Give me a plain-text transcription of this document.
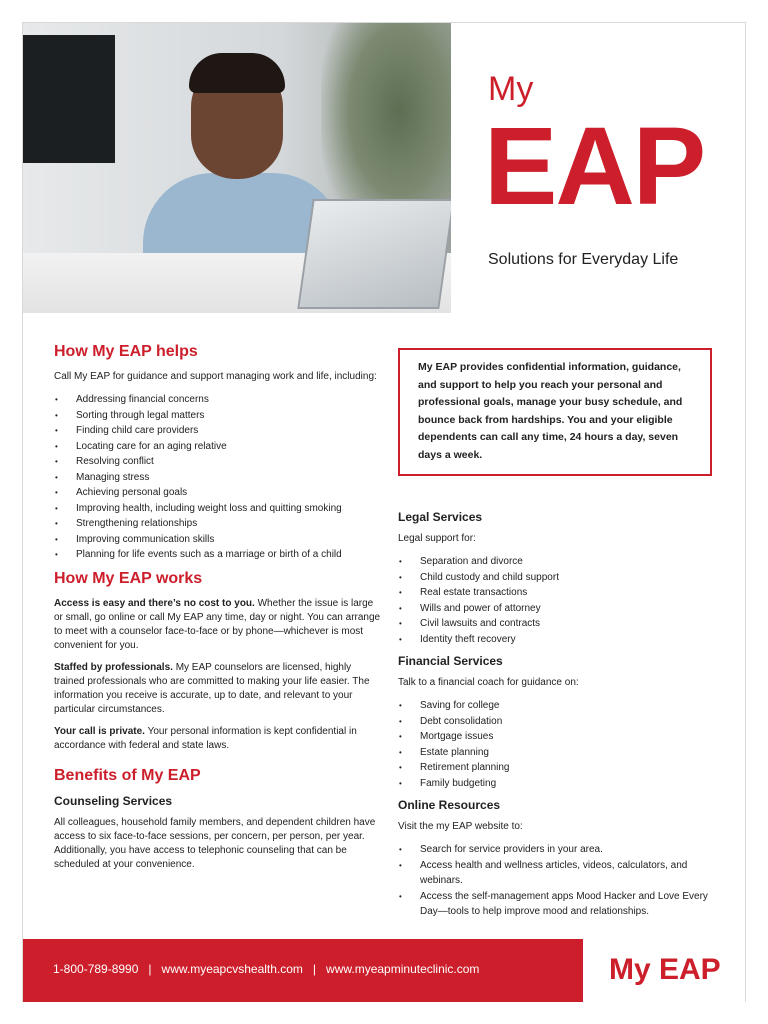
My
EAP
Solutions for Everyday Life
How My EAP helps

Call My EAP for guidance and support managing work and life, including:

• Addressing financial concerns
• Sorting through legal matters
• Finding child care providers
• Locating care for an aging relative
• Resolving conflict
• Managing stress
• Achieving personal goals
• Improving health, including weight loss and quitting smoking
• Strengthening relationships
• Improving communication skills
• Planning for life events such as a marriage or birth of a child
How My EAP works

Access is easy and there’s no cost to you. Whether the issue is large or small, go online or call My EAP any time, day or night. You can arrange to meet with a counselor face-to-face or by phone—whichever is most convenient for you.

Staffed by professionals. My EAP counselors are licensed, highly trained professionals who are committed to making your life easier. The information you receive is accurate, up to date, and relevant to your particular circumstances.

Your call is private. Your personal information is kept confidential in accordance with federal and state laws.

Benefits of My EAP
Counseling Services

All colleagues, household family members, and dependent children have access to six face-to-face sessions, per concern, per person, per year. Additionally, you have access to telephonic counseling that can be scheduled at your convenience.

My EAP provides confidential information, guidance, and support to help you reach your personal and professional goals, manage your busy schedule, and bounce back from hardships. You and your eligible dependents can call any time, 24 hours a day, seven days a week.

Legal Services

Legal support for:

• Separation and divorce
• Child custody and child support
• Real estate transactions
• Wills and power of attorney
• Civil lawsuits and contracts
• Identity theft recovery
Financial Services

Talk to a financial coach for guidance on:

• Saving for college
• Debt consolidation
• Mortgage issues
• Estate planning
• Retirement planning
• Family budgeting
Online Resources

Visit the my EAP website to:

• Search for service providers in your area.
• Access health and wellness articles, videos, calculators, and webinars.
• Access the self-management apps Mood Hacker and Love Every Day—tools to help improve mood and relationships.
1-800-789-8990 | www.myeapcvshealth.com | www.myeapminuteclinic.com	My EAP
